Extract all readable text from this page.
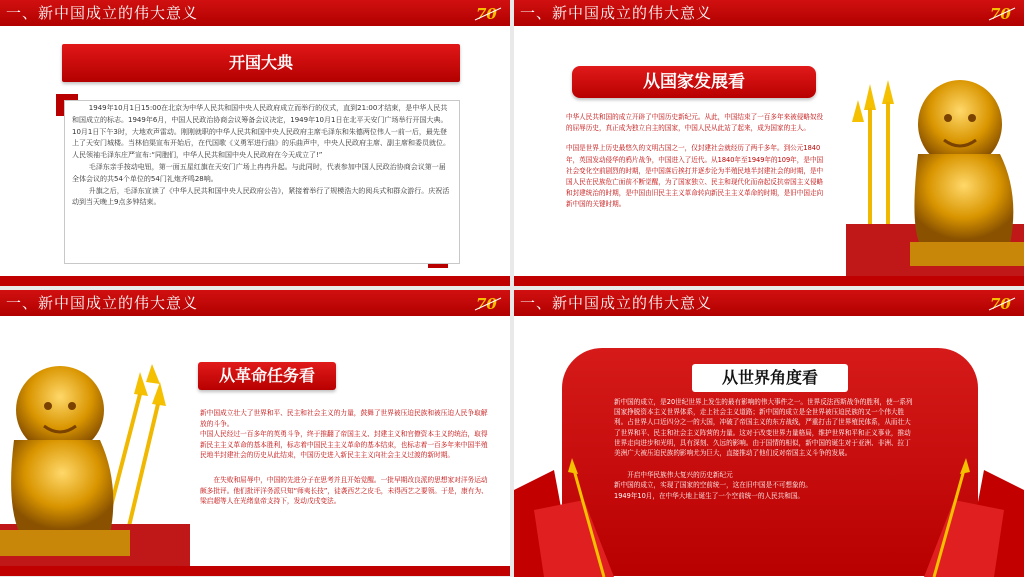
一、新中国成立的伟大意义	70
开国大典

1949年10月1日15:00在北京为中华人民共和国中央人民政府成立而举行的仪式，直到21:00才结束，是中华人民共和国成立的标志。1949年6月，中国人民政治协商会议筹备会议决定，1949年10月1日在北平天安门广场举行开国大典。10月1日下午3时，大地欢声雷动。刚刚就职的中华人民共和国中央人民政府主席毛泽东和朱德两位伟人一前一后，最先登上了天安门城楼。当林伯渠宣布开始后，在代国歌《义勇军进行曲》的乐曲声中，中央人民政府主席、副主席和委员就位。人民领袖毛泽东庄严宣布:“同胞们，中华人民共和国中央人民政府在今天成立了!”

毛泽东亲手按动电钮，第一面五星红旗在天安门广场上冉冉升起。与此同时，代表参加中国人民政治协商会议第一届全体会议的共54个单位的54门礼炮齐鸣28响。

升旗之后，毛泽东宣读了《中华人民共和国中央人民政府公告》，紧接着举行了规模浩大的阅兵式和群众游行。庆祝活动到当天晚上9点多钟结束。

一、新中国成立的伟大意义	70
从国家发展看

中华人民共和国的成立开辟了中国历史新纪元。从此，中国结束了一百多年来被侵略奴役的屈辱历史，真正成为独立自主的国家，中国人民从此站了起来，成为国家的主人。

中国是世界上历史最悠久的文明古国之一，仅封建社会就经历了两千多年。到公元1840年，英国发动侵华的鸦片战争，中国进入了近代。从1840年至1949年的109年，是中国社会变化空前剧烈的时期，是中国落后挨打并逐步沦为半殖民地半封建社会的时期，是中国人民在民族危亡面前不断觉醒，为了国家独立、民主和现代化而奋起反抗帝国主义侵略和封建统治的时期，是中国由旧民主主义革命转向新民主主义革命的时期，是旧中国走向新中国的关键时期。

一、新中国成立的伟大意义	70
从革命任务看

新中国成立壮大了世界和平、民主和社会主义的力量，鼓舞了世界被压迫民族和被压迫人民争取解放的斗争。

中国人民经过一百多年的英勇斗争，终于推翻了帝国主义、封建主义和官僚资本主义的统治，取得新民主主义革命的基本胜利，标志着中国民主主义革命的基本结束，也标志着一百多年来中国半殖民地半封建社会的历史从此结束，中国历史进入新民主主义向社会主义过渡的新时期。

在失败和屈辱中，中国的先进分子在思考并且开始觉醒。一批早期改良派的思想家对洋务运动颇多批评。他们批评洋务派只知“师夷长技”，徒袭西艺之皮毛，未得西艺之要领。于是，康有为、梁启超等人在光绪皇帝支持下，发动戊戌变法。

一、新中国成立的伟大意义	70
从世界角度看

新中国的成立，是20世纪世界上发生的最有影响的伟大事件之一。世界反法西斯战争的胜利，使一系列国家挣脱资本主义世界体系，走上社会主义道路；新中国的成立是全世界被压迫民族的又一个伟大胜利。占世界人口近四分之一的大国，冲破了帝国主义的东方战线，严重打击了世界殖民体系，从而壮大了世界和平、民主和社会主义阵营的力量。这对于改变世界力量格局，维护世界和平和正义事业，推动世界走向进步和光明，具有深刻、久远的影响。由于国情的相似，新中国的诞生对于亚洲、非洲、拉丁美洲广大被压迫民族的影响尤为巨大，直接推动了他们反对帝国主义斗争的发展。

开启中华民族伟大复兴的历史新纪元

新中国的成立，实现了国家的空前统一，这在旧中国是不可想象的。

1949年10月，在中华大地上诞生了一个空前统一的人民共和国。
